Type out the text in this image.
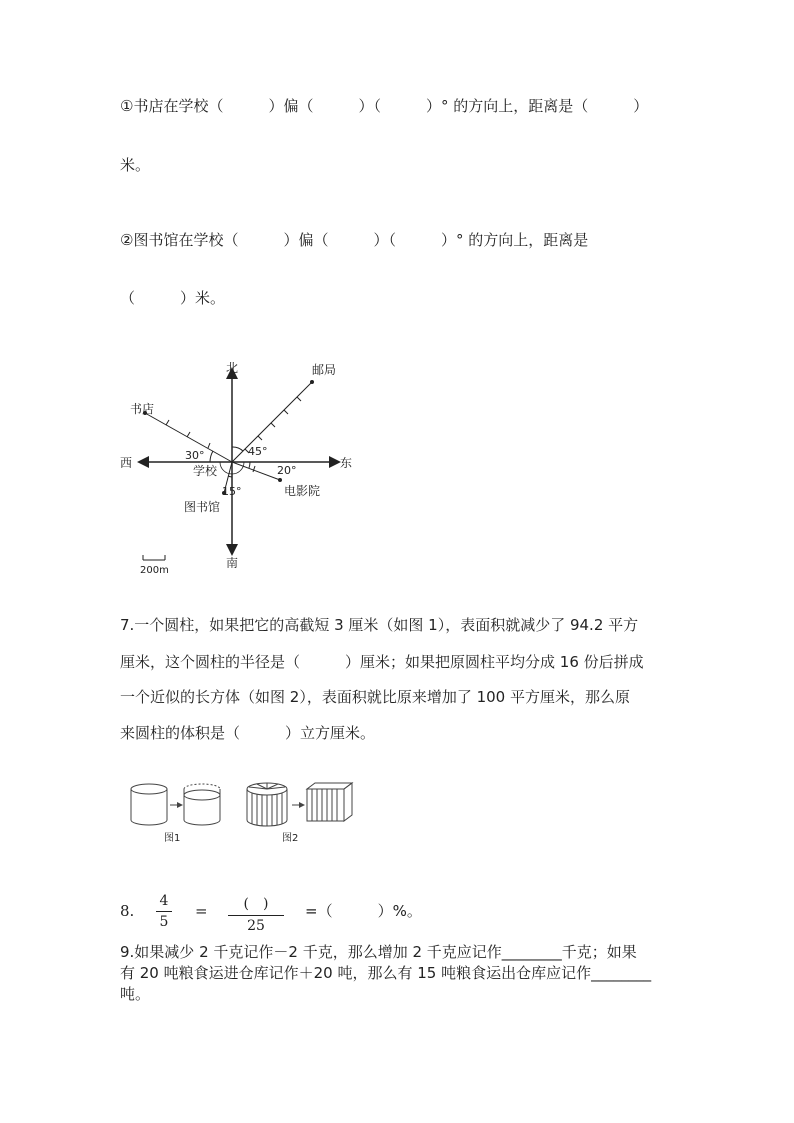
①书店在学校（　　　）偏（　　　）（　　　）° 的方向上，距离是（　　　）
米。
②图书馆在学校（　　　）偏（　　　）（　　　）° 的方向上，距离是
（　　　）米。
北
南
东
西
学校
书店
邮局
电影院
图书馆
30°	45°
20°
15°
200m
7.一个圆柱，如果把它的高截短 3 厘米（如图 1），表面积就减少了 94.2 平方
厘米，这个圆柱的半径是（　　　）厘米；如果把原圆柱平均分成 16 份后拼成
一个近似的长方体（如图 2），表面积就比原来增加了 100 平方厘米，那么原
来圆柱的体积是（　　　）立方厘米。
图1	图2
8.
4
5
=	(　)
25
=（　　　）%。
9.如果减少 2 千克记作－2 千克，那么增加 2 千克应记作________千克；如果
有 20 吨粮食运进仓库记作＋20 吨，那么有 15 吨粮食运出仓库应记作________
吨。
